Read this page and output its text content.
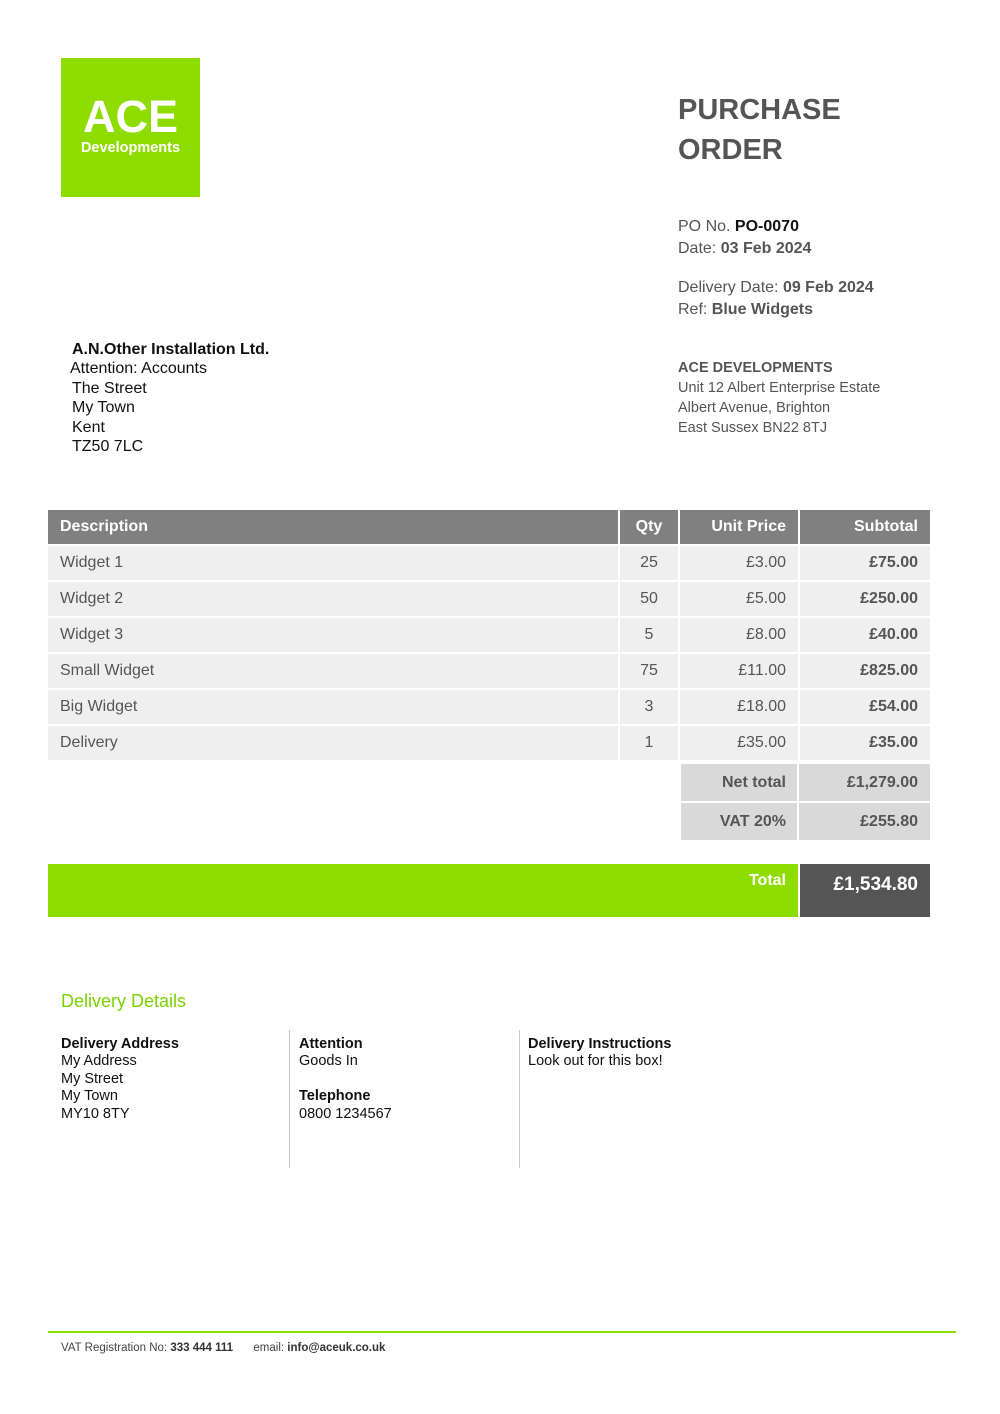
ACE
Developments
PURCHASE
ORDER
PO No. PO-0070
Date: 03 Feb 2024
Delivery Date: 09 Feb 2024
Ref: Blue Widgets
A.N.Other Installation Ltd.
Attention: Accounts
The Street
My Town
Kent
TZ50 7LC
ACE DEVELOPMENTS
Unit 12 Albert Enterprise Estate
Albert Avenue, Brighton
East Sussex BN22 8TJ
Description	Qty	Unit Price	Subtotal
Widget 1	25	£3.00	£75.00
Widget 2	50	£5.00	£250.00
Widget 3	5	£8.00	£40.00
Small Widget	75	£11.00	£825.00
Big Widget	3	£18.00	£54.00
Delivery	1	£35.00	£35.00
Net total	£1,279.00
VAT 20%	£255.80
Total	£1,534.80
Delivery Details
Delivery Address
My Address
My Street
My Town
MY10 8TY
Attention
Goods In
Telephone
0800 1234567
Delivery Instructions
Look out for this box!
VAT Registration No: 333 444 111 email: info@aceuk.co.uk
